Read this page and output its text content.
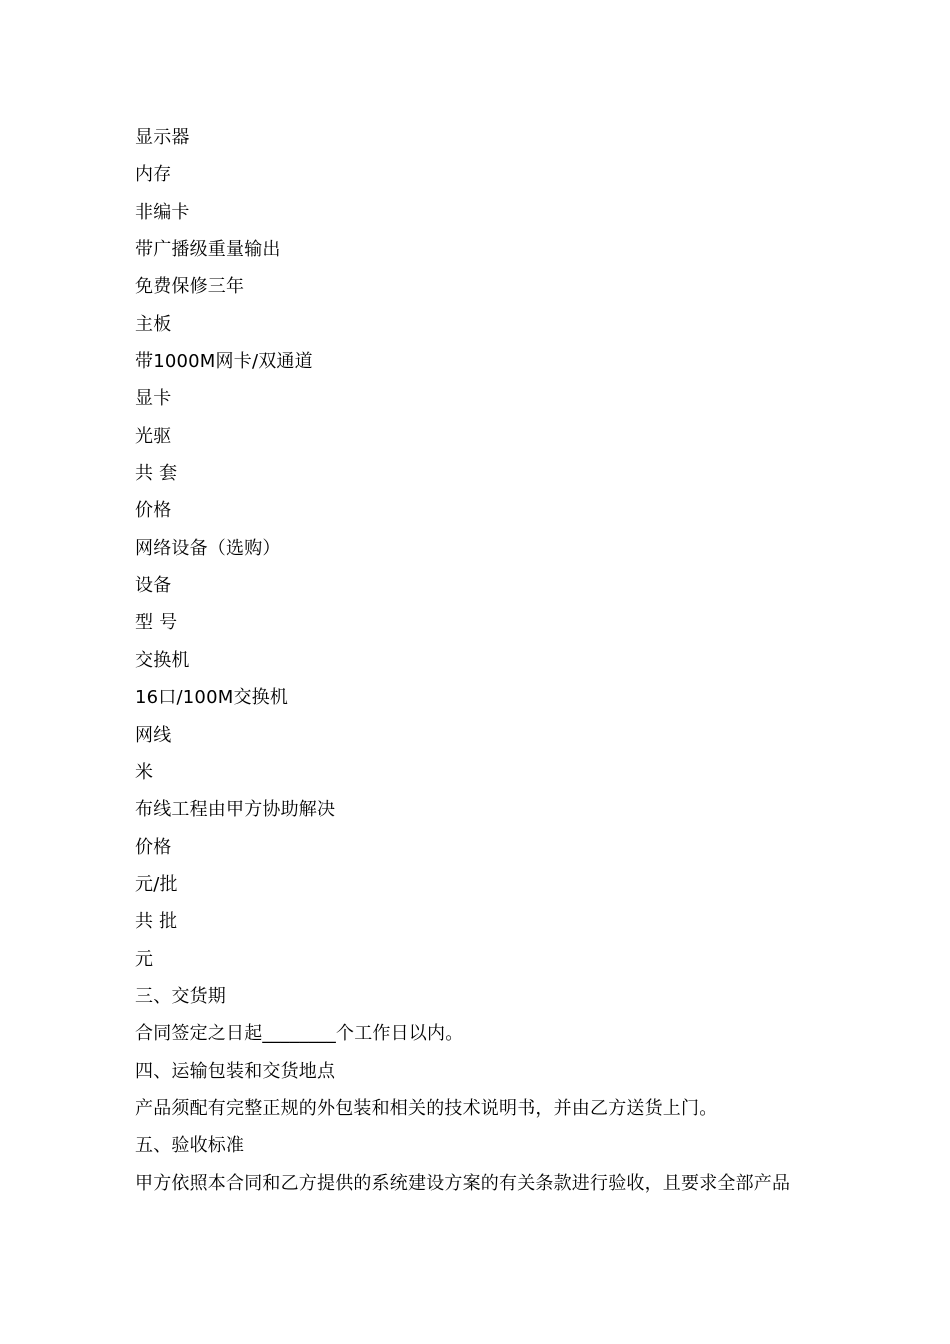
显示器
内存
非编卡
带广播级重量输出
免费保修三年
主板
带1000M网卡/双通道
显卡
光驱
共 套
价格
网络设备（选购）
设备
型 号
交换机
16口/100M交换机
网线
米
布线工程由甲方协助解决
价格
元/批
共 批
元
三、交货期
合同签定之日起________个工作日以内。
四、运输包装和交货地点
产品须配有完整正规的外包装和相关的技术说明书，并由乙方送货上门。
五、验收标准
甲方依照本合同和乙方提供的系统建设方案的有关条款进行验收，且要求全部产品
